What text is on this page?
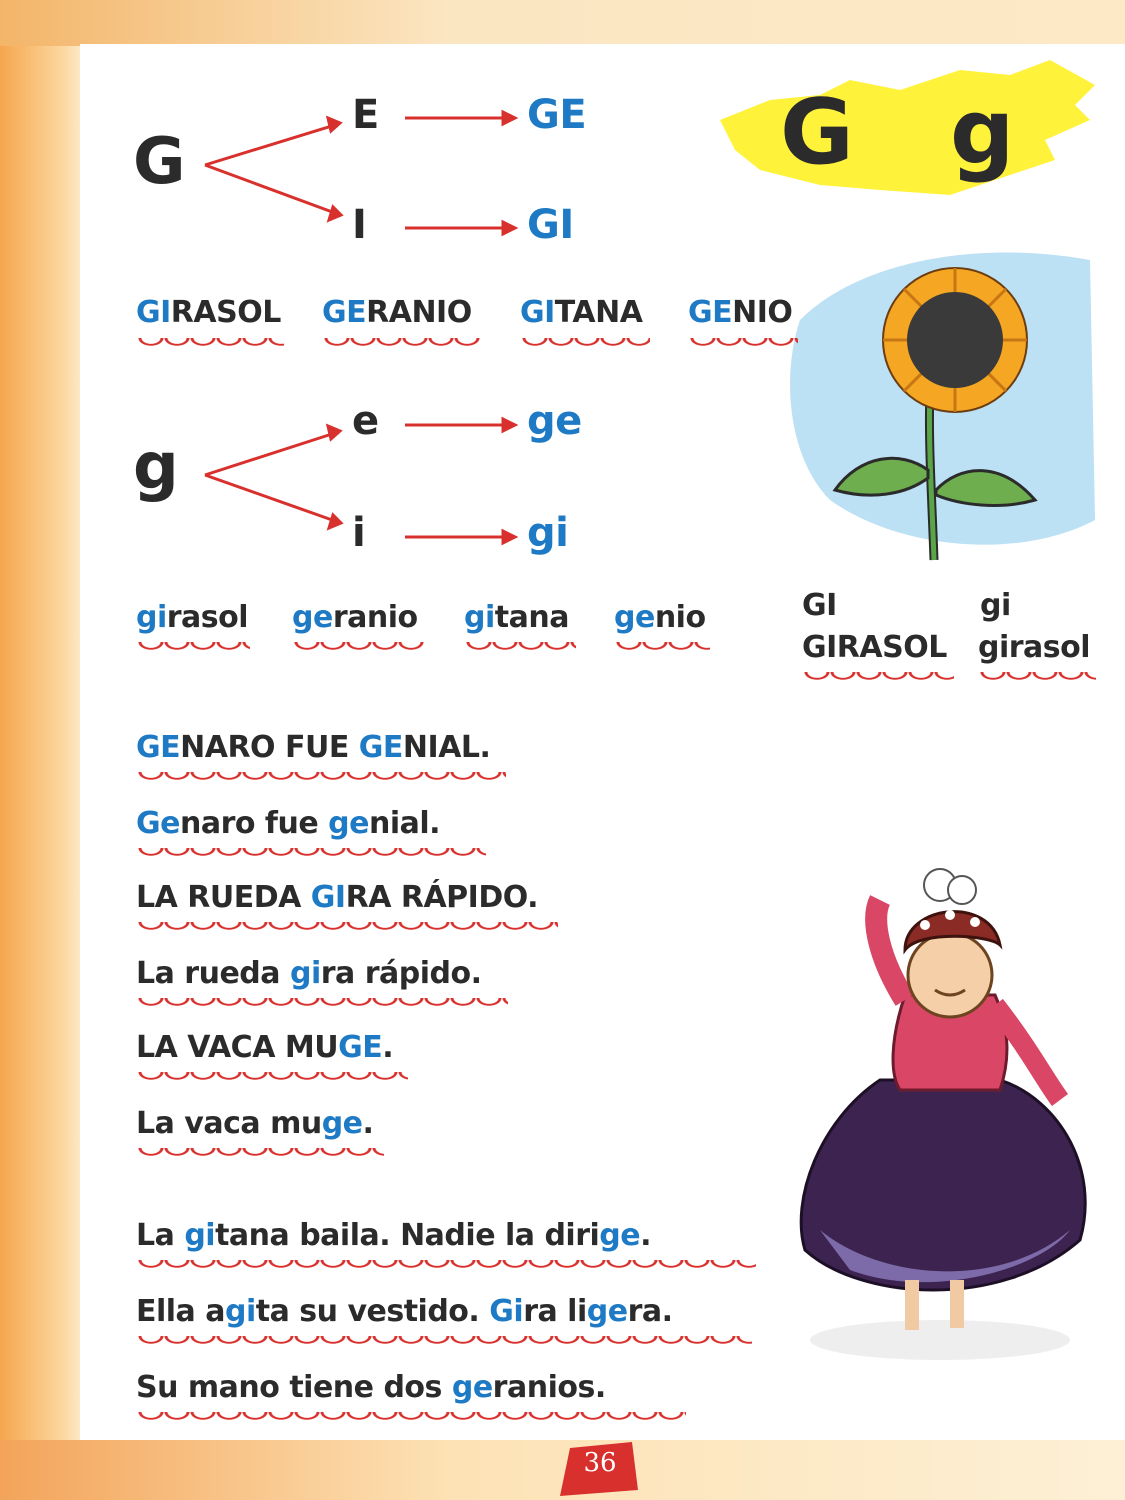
G g

G

E

I

GE

GI

GIRASOL GERANIO GITANA GENIO

g

e

i

ge

gi

girasol geranio gitana genio	GI	gi

GIRASOL girasol

GENARO FUE GENIAL.

Genaro fue genial.

LA RUEDA GIRA RÁPIDO.

La rueda gira rápido.

LA VACA MUGE.

La vaca muge.

La gitana baila. Nadie la dirige.

Ella agita su vestido. Gira ligera.

Su mano tiene dos geranios.

36
